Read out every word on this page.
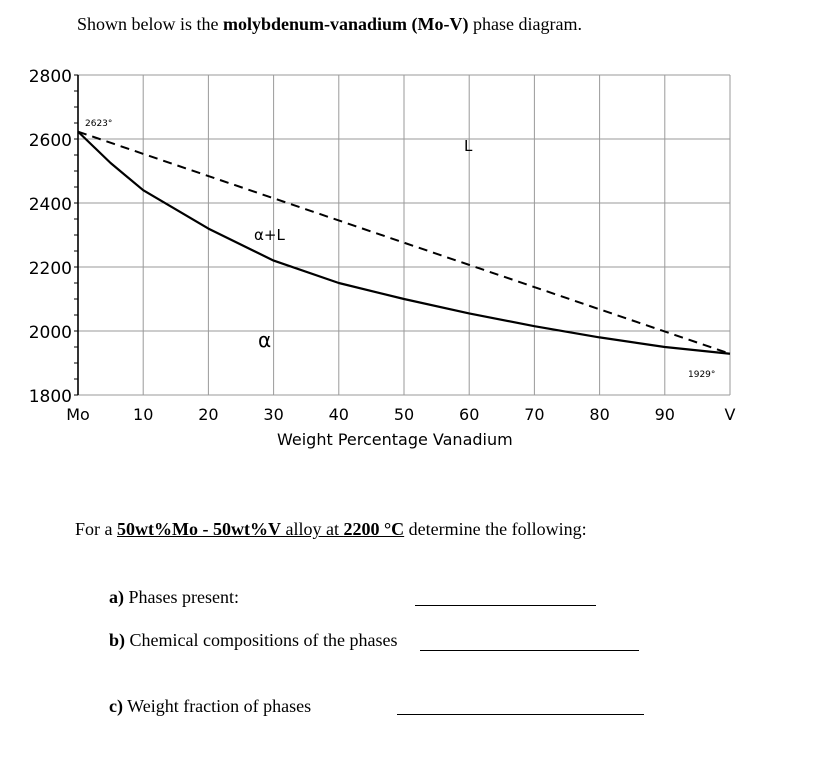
Shown below is the molybdenum-vanadium (Mo-V) phase diagram.
2800
2600
2400
2200
2000
1800
Mo	10	20	30	40	50	60	70	80	90	V
2623°
1929°
L
α+L
α
Weight Percentage Vanadium
For a 50wt%Mo - 50wt%V alloy at 2200 °C determine the following:
a) Phases present:
b) Chemical compositions of the phases
c) Weight fraction of phases
